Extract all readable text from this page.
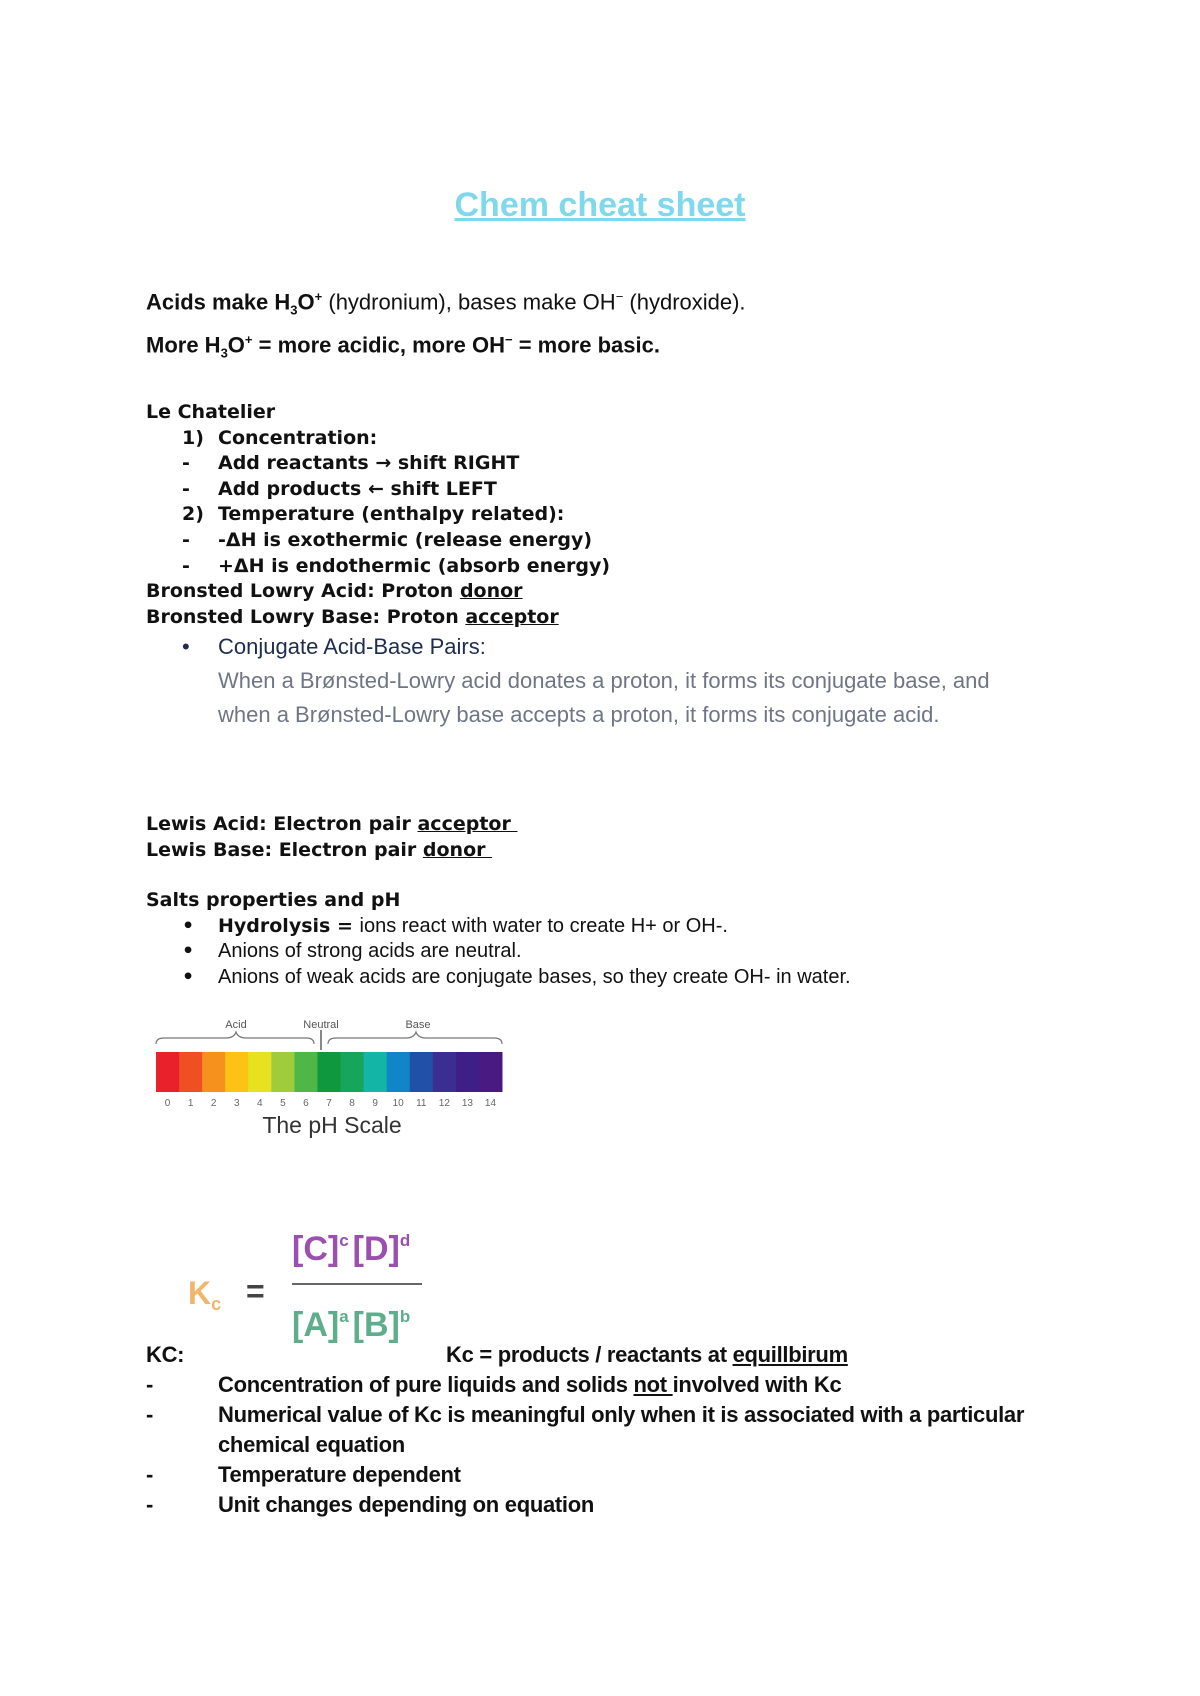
Chem cheat sheet
Acids make $H_3O^+$ (hydronium), bases make OH− (hydroxide).
More $H_3O^+$ = more acidic, more OH− = more basic.
Le Chatelier
1) Concentration:
- Add reactants → shift RIGHT
- Add products ← shift LEFT
2) Temperature (enthalpy related):
- -ΔH is exothermic (release energy)
- +ΔH is endothermic (absorb energy)
Bronsted Lowry Acid: Proton donor
Bronsted Lowry Base: Proton acceptor
• Conjugate Acid-Base Pairs:
When a Brønsted-Lowry acid donates a proton, it forms its conjugate base, and when a Brønsted-Lowry base accepts a proton, it forms its conjugate acid.
Lewis Acid: Electron pair acceptor
Lewis Base: Electron pair donor
Salts properties and pH
• Hydrolysis = ions react with water to create H+ or OH-.
• Anions of strong acids are neutral.
• Anions of weak acids are conjugate bases, so they create OH- in water.
Acid	Neutral	Base
0 1 2 3 4 5 6 7 8 9 10 11 12 13 14
The pH Scale
Kc =
$[C]^c$ $[D]^d$
$[A]^a$ $[B]^b$
KC:	Kc = products / reactants at equillbirum
-	Concentration of pure liquids and solids not involved with Kc
-	Numerical value of Kc is meaningful only when it is associated with a particular chemical equation
-	Temperature dependent
-	Unit changes depending on equation
